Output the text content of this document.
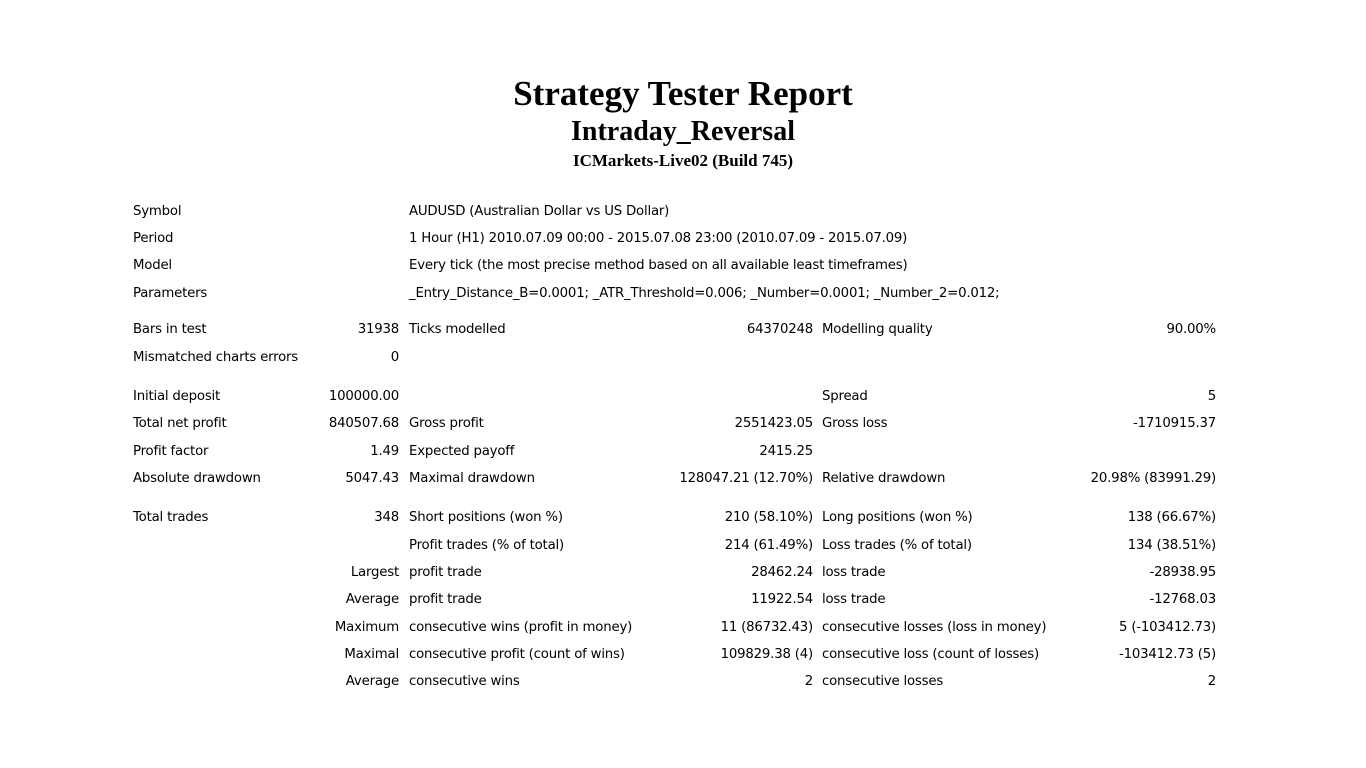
Strategy Tester Report
Intraday_Reversal
ICMarkets-Live02 (Build 745)
Symbol	AUDUSD (Australian Dollar vs US Dollar)
Period	1 Hour (H1) 2010.07.09 00:00 - 2015.07.08 23:00 (2010.07.09 - 2015.07.09)
Model	Every tick (the most precise method based on all available least timeframes)
Parameters	_Entry_Distance_B=0.0001; _ATR_Threshold=0.006; _Number=0.0001; _Number_2=0.012;
Bars in test	31938 Ticks modelled	64370248 Modelling quality	90.00%
Mismatched charts errors	0
Initial deposit	100000.00	Spread	5
Total net profit	840507.68 Gross profit	2551423.05 Gross loss	-1710915.37
Profit factor	1.49 Expected payoff	2415.25
Absolute drawdown	5047.43 Maximal drawdown	128047.21 (12.70%) Relative drawdown	20.98% (83991.29)
Total trades	348 Short positions (won %)	210 (58.10%) Long positions (won %)	138 (66.67%)
Profit trades (% of total)	214 (61.49%) Loss trades (% of total)	134 (38.51%)
Largest profit trade	28462.24 loss trade	-28938.95
Average profit trade	11922.54 loss trade	-12768.03
Maximum consecutive wins (profit in money)	11 (86732.43) consecutive losses (loss in money)	5 (-103412.73)
Maximal consecutive profit (count of wins)	109829.38 (4) consecutive loss (count of losses)	-103412.73 (5)
Average consecutive wins	2 consecutive losses	2
